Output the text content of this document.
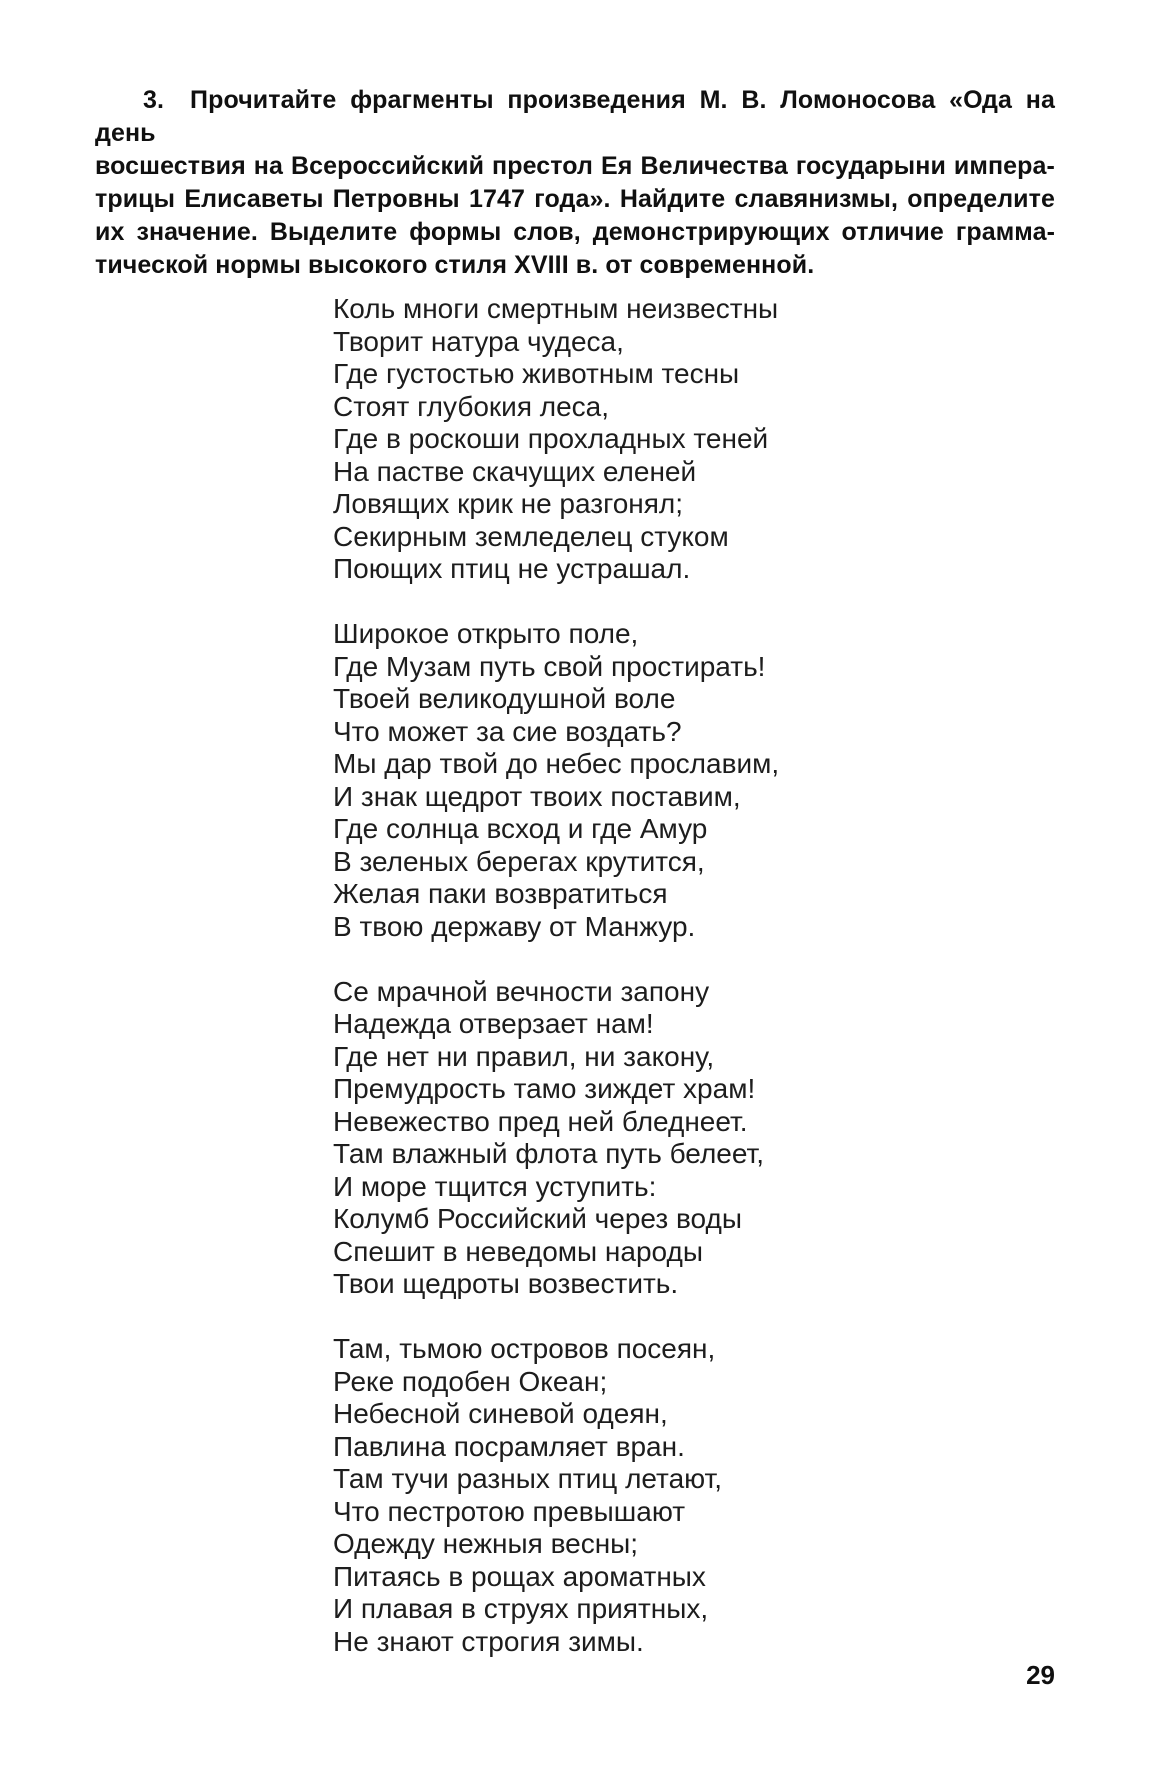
3. Прочитайте фрагменты произведения М. В. Ломоносова «Ода на день
восшествия на Всероссийский престол Ея Величества государыни импера-
трицы Елисаветы Петровны 1747 года». Найдите славянизмы, определите
их значение. Выделите формы слов, демонстрирующих отличие грамма-
тической нормы высокого стиля XVIII в. от современной.
Коль многи смертным неизвестны
Творит натура чудеса,
Где густостью животным тесны
Стоят глубокия леса,
Где в роскоши прохладных теней
На пастве скачущих еленей
Ловящих крик не разгонял;
Секирным земледелец стуком
Поющих птиц не устрашал.
Широкое открыто поле,
Где Музам путь свой простирать!
Твоей великодушной воле
Что может за сие воздать?
Мы дар твой до небес прославим,
И знак щедрот твоих поставим,
Где солнца всход и где Амур
В зеленых берегах крутится,
Желая паки возвратиться
В твою державу от Манжур.
Се мрачной вечности запону
Надежда отверзает нам!
Где нет ни правил, ни закону,
Премудрость тамо зиждет храм!
Невежество пред ней бледнеет.
Там влажный флота путь белеет,
И море тщится уступить:
Колумб Российский через воды
Спешит в неведомы народы
Твои щедроты возвестить.
Там, тьмою островов посеян,
Реке подобен Океан;
Небесной синевой одеян,
Павлина посрамляет вран.
Там тучи разных птиц летают,
Что пестротою превышают
Одежду нежныя весны;
Питаясь в рощах ароматных
И плавая в струях приятных,
Не знают строгия зимы.
29
